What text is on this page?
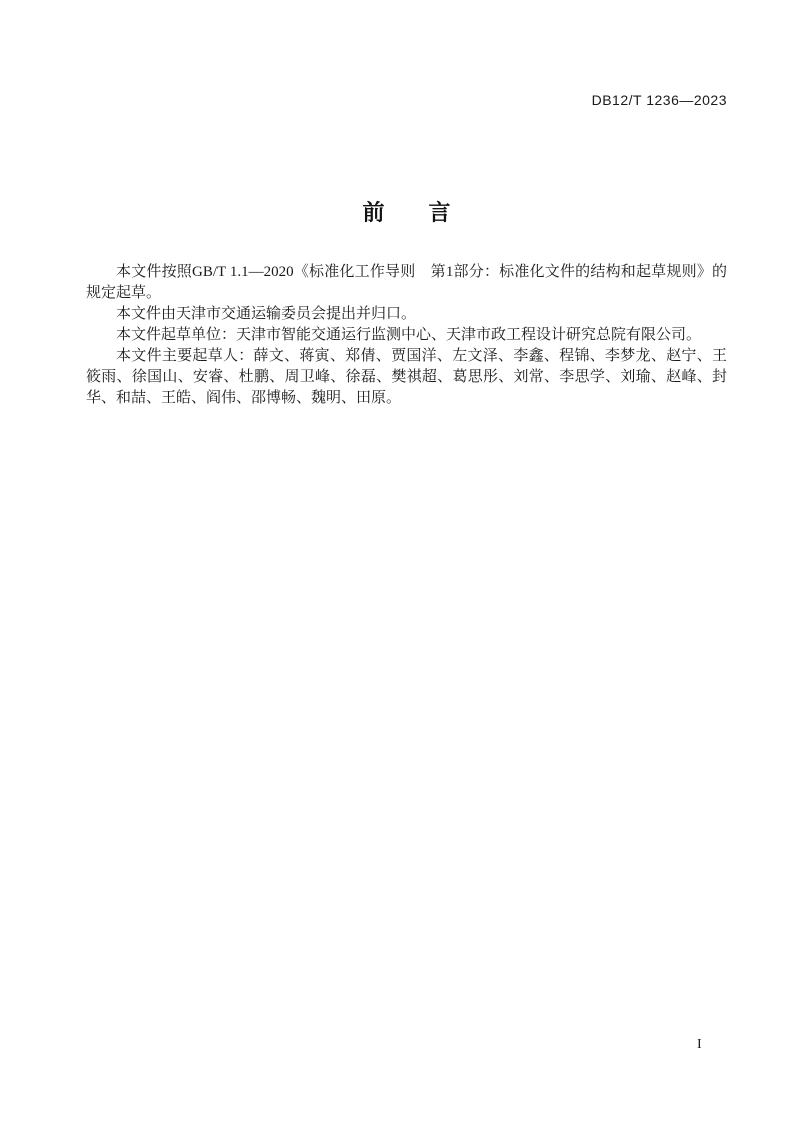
DB12/T 1236—2023
前　　言

本文件按照GB/T 1.1—2020《标准化工作导则　第1部分：标准化文件的结构和起草规则》的规定起草。

本文件由天津市交通运输委员会提出并归口。

本文件起草单位：天津市智能交通运行监测中心、天津市政工程设计研究总院有限公司。

本文件主要起草人：薛文、蒋寅、郑倩、贾国洋、左文泽、李鑫、程锦、李梦龙、赵宁、王筱雨、徐国山、安睿、杜鹏、周卫峰、徐磊、樊祺超、葛思彤、刘常、李思学、刘瑜、赵峰、封华、和喆、王皓、阎伟、邵博畅、魏明、田原。

I
